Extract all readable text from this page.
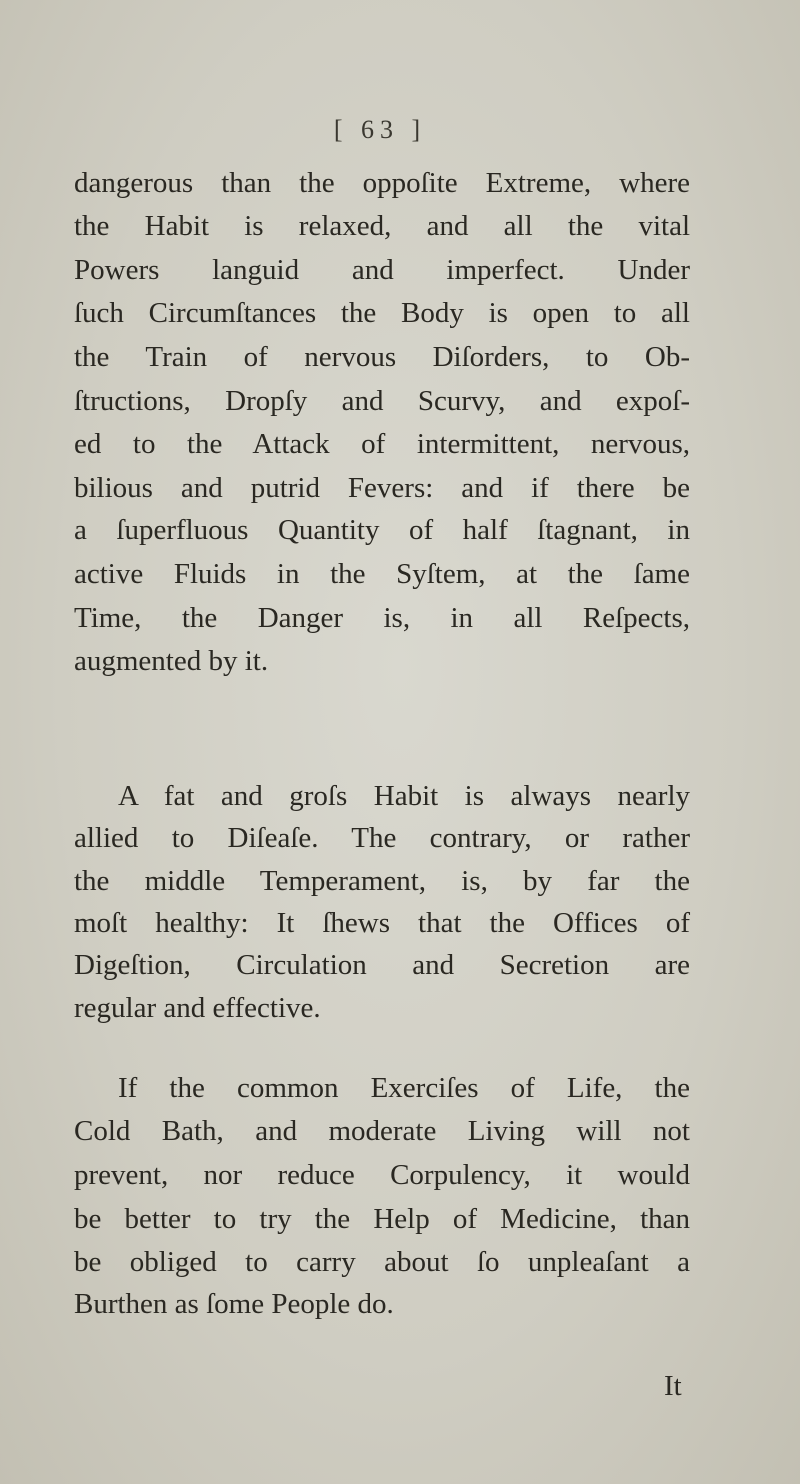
[ 63 ]
dangerous than the oppoſite Extreme, where
the Habit is relaxed, and all the vital
Powers languid and imperfect. Under
ſuch Circumſtances the Body is open to all
the Train of nervous Diſorders, to Ob-
ſtructions, Dropſy and Scurvy, and expoſ-
ed to the Attack of intermittent, nervous,
bilious and putrid Fevers: and if there be
a ſuperfluous Quantity of half ſtagnant, in
active Fluids in the Syſtem, at the ſame
Time, the Danger is, in all Reſpects,
augmented by it.
A fat and groſs Habit is always nearly
allied to Diſeaſe. The contrary, or rather
the middle Temperament, is, by far the
moſt healthy: It ſhews that the Offices of
Digeſtion, Circulation and Secretion are
regular and effective.
If the common Exerciſes of Life, the
Cold Bath, and moderate Living will not
prevent, nor reduce Corpulency, it would
be better to try the Help of Medicine, than
be obliged to carry about ſo unpleaſant a
Burthen as ſome People do.
It
